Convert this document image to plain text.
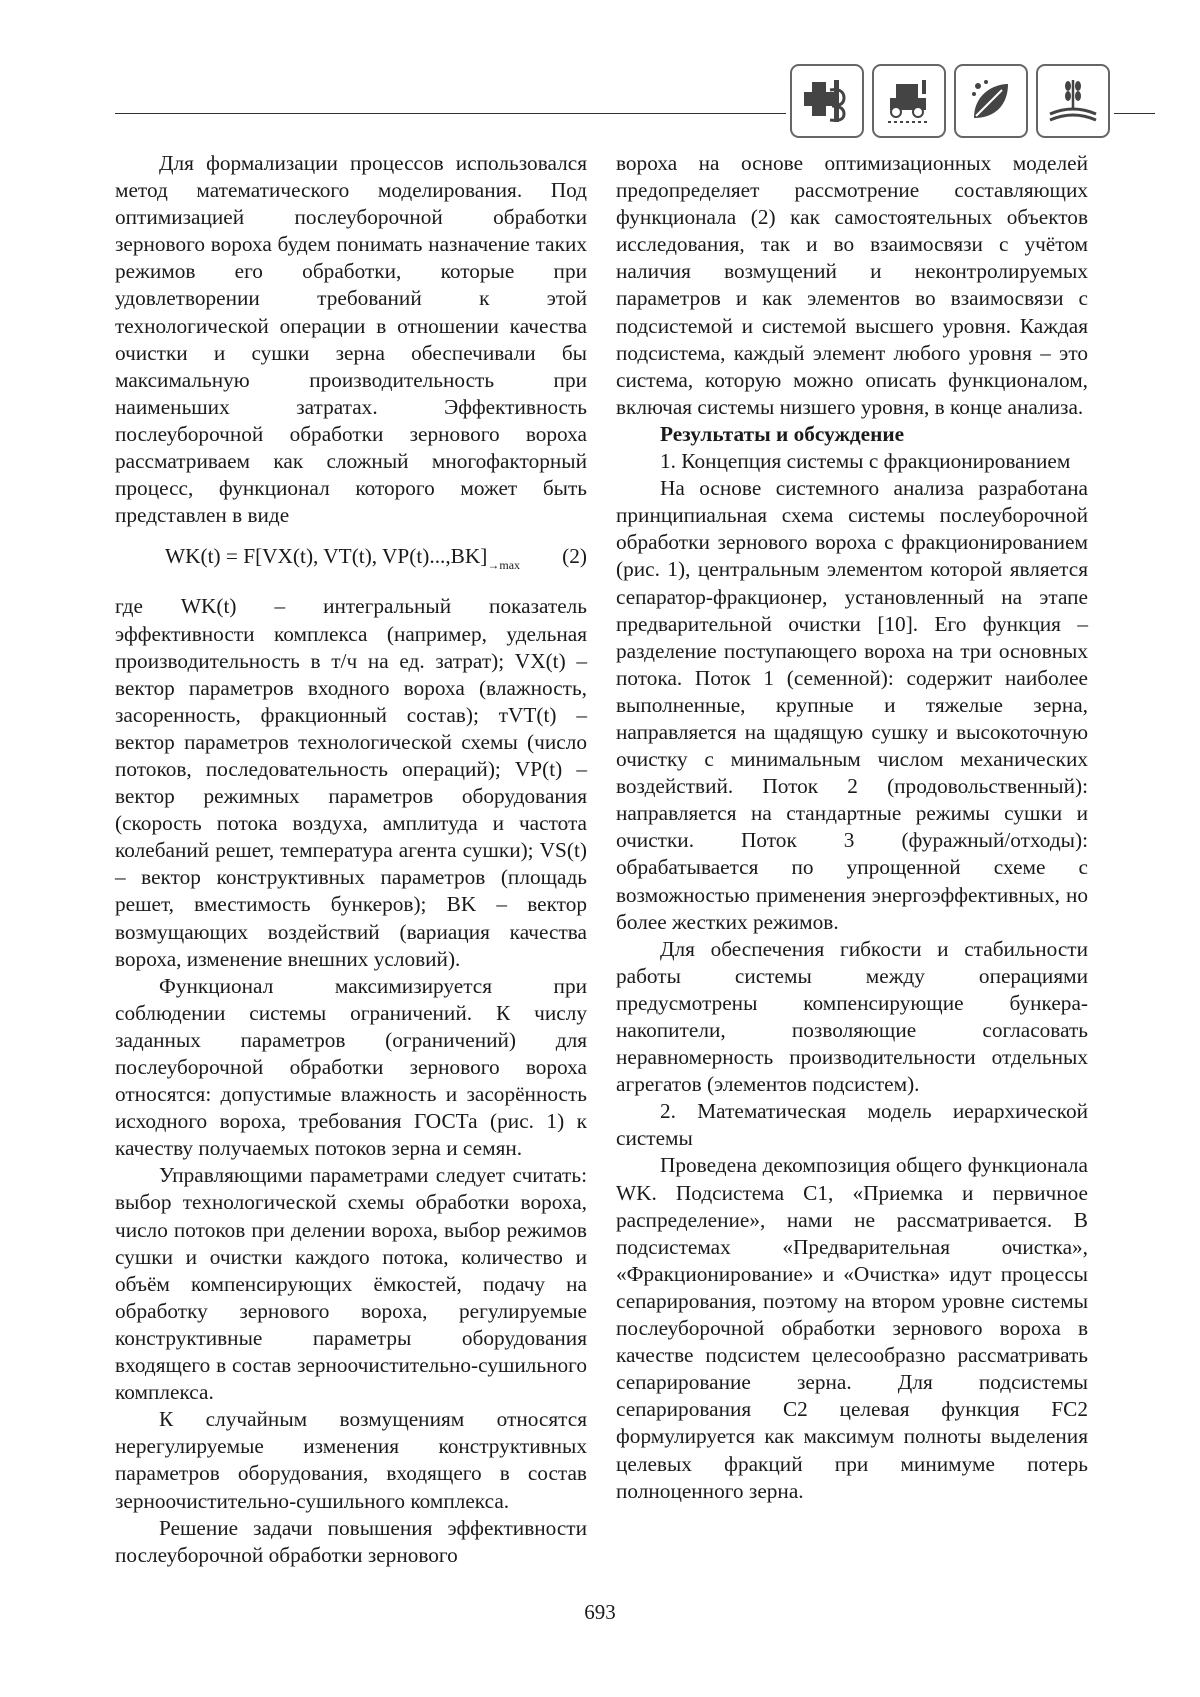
Для формализации процессов использовался метод математического моделирования. Под оптимизацией послеуборочной обработки зернового вороха будем понимать назначение таких режимов его обработки, которые при удовлетворении требований к этой технологической операции в отношении качества очистки и сушки зерна обеспечивали бы максимальную производительность при наименьших затратах. Эффективность послеуборочной обработки зернового вороха рассматриваем как сложный многофакторный процесс, функционал которого может быть представлен в виде

WK(t) = F[VX(t), VT(t), $VP(t)...,BK]_{\to max}$ (2)

где WK(t) – интегральный показатель эффективности комплекса (например, удельная производительность в т/ч на ед. затрат); VX(t) – вектор параметров входного вороха (влажность, засоренность, фракционный состав); тVT(t) – вектор параметров технологической схемы (число потоков, последовательность операций); VP(t) – вектор режимных параметров оборудования (скорость потока воздуха, амплитуда и частота колебаний решет, температура агента сушки); VS(t) – вектор конструктивных параметров (площадь решет, вместимость бункеров); BK – вектор возмущающих воздействий (вариация качества вороха, изменение внешних условий).

Функционал максимизируется при соблюдении системы ограничений. К числу заданных параметров (ограничений) для послеуборочной обработки зернового вороха относятся: допустимые влажность и засорённость исходного вороха, требования ГОСТа (рис. 1) к качеству получаемых потоков зерна и семян.

Управляющими параметрами следует считать: выбор технологической схемы обработки вороха, число потоков при делении вороха, выбор режимов сушки и очистки каждого потока, количество и объём компенсирующих ёмкостей, подачу на обработку зернового вороха, регулируемые конструктивные параметры оборудования входящего в состав зерноочистительно-сушильного комплекса.

К случайным возмущениям относятся нерегулируемые изменения конструктивных параметров оборудования, входящего в состав зерноочистительно-сушильного комплекса.

Решение задачи повышения эффективности послеуборочной обработки зернового

вороха на основе оптимизационных моделей предопределяет рассмотрение составляющих функционала (2) как самостоятельных объектов исследования, так и во взаимосвязи с учётом наличия возмущений и неконтролируемых параметров и как элементов во взаимосвязи с подсистемой и системой высшего уровня. Каждая подсистема, каждый элемент любого уровня – это система, которую можно описать функционалом, включая системы низшего уровня, в конце анализа.

Результаты и обсуждение

1. Концепция системы с фракционированием

На основе системного анализа разработана принципиальная схема системы послеуборочной обработки зернового вороха с фракционированием (рис. 1), центральным элементом которой является сепаратор-фракционер, установленный на этапе предварительной очистки [10]. Его функция – разделение поступающего вороха на три основных потока. Поток 1 (семенной): содержит наиболее выполненные, крупные и тяжелые зерна, направляется на щадящую сушку и высокоточную очистку с минимальным числом механических воздействий. Поток 2 (продовольственный): направляется на стандартные режимы сушки и очистки. Поток 3 (фуражный/отходы): обрабатывается по упрощенной схеме с возможностью применения энергоэффективных, но более жестких режимов.

Для обеспечения гибкости и стабильности работы системы между операциями предусмотрены компенсирующие бункера-накопители, позволяющие согласовать неравномерность производительности отдельных агрегатов (элементов подсистем).

2. Математическая модель иерархической системы

Проведена декомпозиция общего функционала WK. Подсистема С1, «Приемка и первичное распределение», нами не рассматривается. В подсистемах «Предварительная очистка», «Фракционирование» и «Очистка» идут процессы сепарирования, поэтому на втором уровне системы послеуборочной обработки зернового вороха в качестве подсистем целесообразно рассматривать сепарирование зерна. Для подсистемы сепарирования С2 целевая функция FC2 формулируется как максимум полноты выделения целевых фракций при минимуме потерь полноценного зерна.

693
